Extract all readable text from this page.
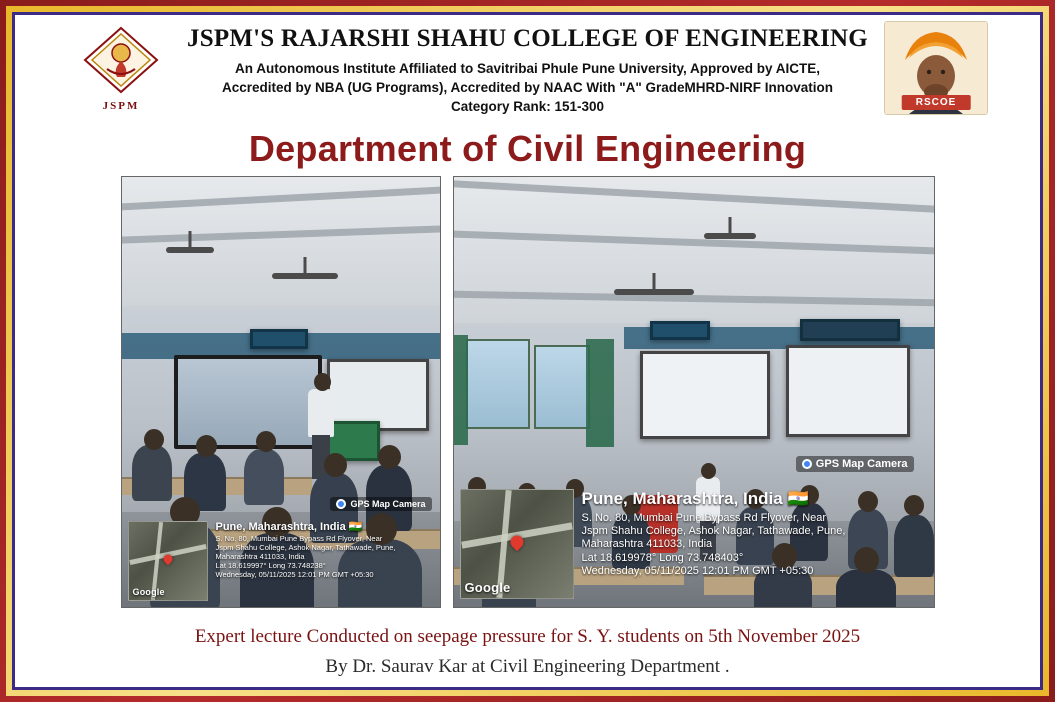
JSPM	RSCOE
JSPM'S RAJARSHI SHAHU COLLEGE OF ENGINEERING
An Autonomous Institute Affiliated to Savitribai Phule Pune University, Approved by AICTE,
Accredited by NBA (UG Programs), Accredited by NAAC With "A" GradeMHRD-NIRF Innovation
Category Rank: 151-300
Department of Civil Engineering
GPS Map Camera
Google
Pune, Maharashtra, India 🇮🇳
S. No. 80, Mumbai Pune Bypass Rd Flyover, Near
Jspm Shahu College, Ashok Nagar, Tathawade, Pune,
Maharashtra 411033, India
Lat 18.619997° Long 73.748238°
Wednesday, 05/11/2025 12:01 PM GMT +05:30
GPS Map Camera
Google
Pune, Maharashtra, India 🇮🇳
S. No. 80, Mumbai Pune Bypass Rd Flyover, Near
Jspm Shahu College, Ashok Nagar, Tathawade, Pune,
Maharashtra 411033, India
Lat 18.619978° Long 73.748403°
Wednesday, 05/11/2025 12:01 PM GMT +05:30
Expert lecture Conducted on seepage pressure for S. Y. students on 5th November 2025
By Dr. Saurav Kar at Civil Engineering Department .
